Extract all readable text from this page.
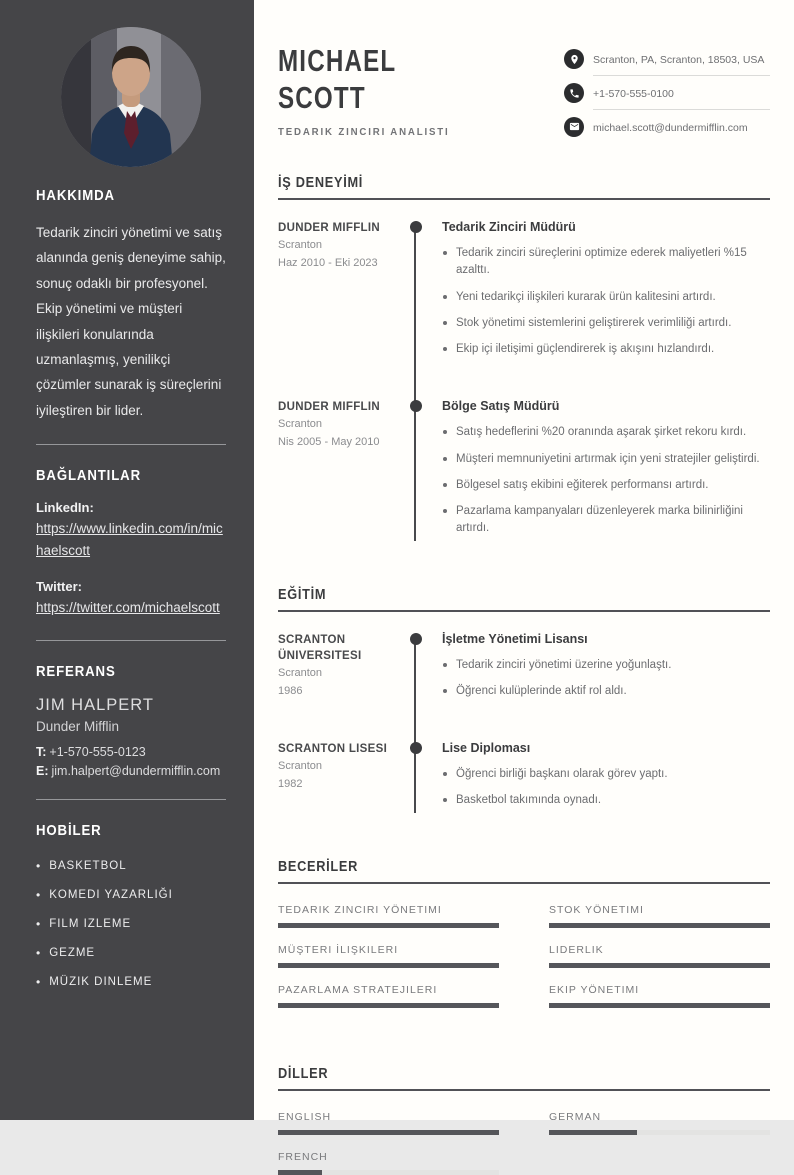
HAKKIMDA

Tedarik zinciri yönetimi ve satış alanında geniş deneyime sahip, sonuç odaklı bir profesyonel. Ekip yönetimi ve müşteri ilişkileri konularında uzmanlaşmış, yenilikçi çözümler sunarak iş süreçlerini iyileştiren bir lider.

BAĞLANTILAR
LinkedIn:
https://www.linkedin.com/in/michaelscott
Twitter:
https://twitter.com/michaelscott
REFERANS
JIM HALPERT
Dunder Mifflin
T: +1-570-555-0123
E: jim.halpert@dundermifflin.com
HOBİLER
• BASKETBOL
• KOMEDI YAZARLIĞI
• FILM IZLEME
• GEZME
• MÜZIK DINLEME
MICHAEL
SCOTT
TEDARIK ZINCIRI ANALISTI
Scranton, PA, Scranton, 18503, USA
+1-570-555-0100
michael.scott@dundermifflin.com
İŞ DENEYİMİ
DUNDER MIFFLIN
Scranton
Haz 2010 - Eki 2023
Tedarik Zinciri Müdürü
Tedarik zinciri süreçlerini optimize ederek maliyetleri %15 azalttı.
Yeni tedarikçi ilişkileri kurarak ürün kalitesini artırdı.
Stok yönetimi sistemlerini geliştirerek verimliliği artırdı.
Ekip içi iletişimi güçlendirerek iş akışını hızlandırdı.
DUNDER MIFFLIN
Scranton
Nis 2005 - May 2010
Bölge Satış Müdürü
Satış hedeflerini %20 oranında aşarak şirket rekoru kırdı.
Müşteri memnuniyetini artırmak için yeni stratejiler geliştirdi.
Bölgesel satış ekibini eğiterek performansı artırdı.
Pazarlama kampanyaları düzenleyerek marka bilinirliğini artırdı.
EĞİTİM
SCRANTON ÜNIVERSITESI
Scranton
1986
İşletme Yönetimi Lisansı
Tedarik zinciri yönetimi üzerine yoğunlaştı.
Öğrenci kulüplerinde aktif rol aldı.
SCRANTON LISESI
Scranton
1982
Lise Diploması
Öğrenci birliği başkanı olarak görev yaptı.
Basketbol takımında oynadı.
BECERİLER
TEDARIK ZINCIRI YÖNETIMI	STOK YÖNETIMI
MÜŞTERI İLIŞKILERI	LIDERLIK
PAZARLAMA STRATEJILERI	EKIP YÖNETIMI
DİLLER
ENGLISH	GERMAN
FRENCH
